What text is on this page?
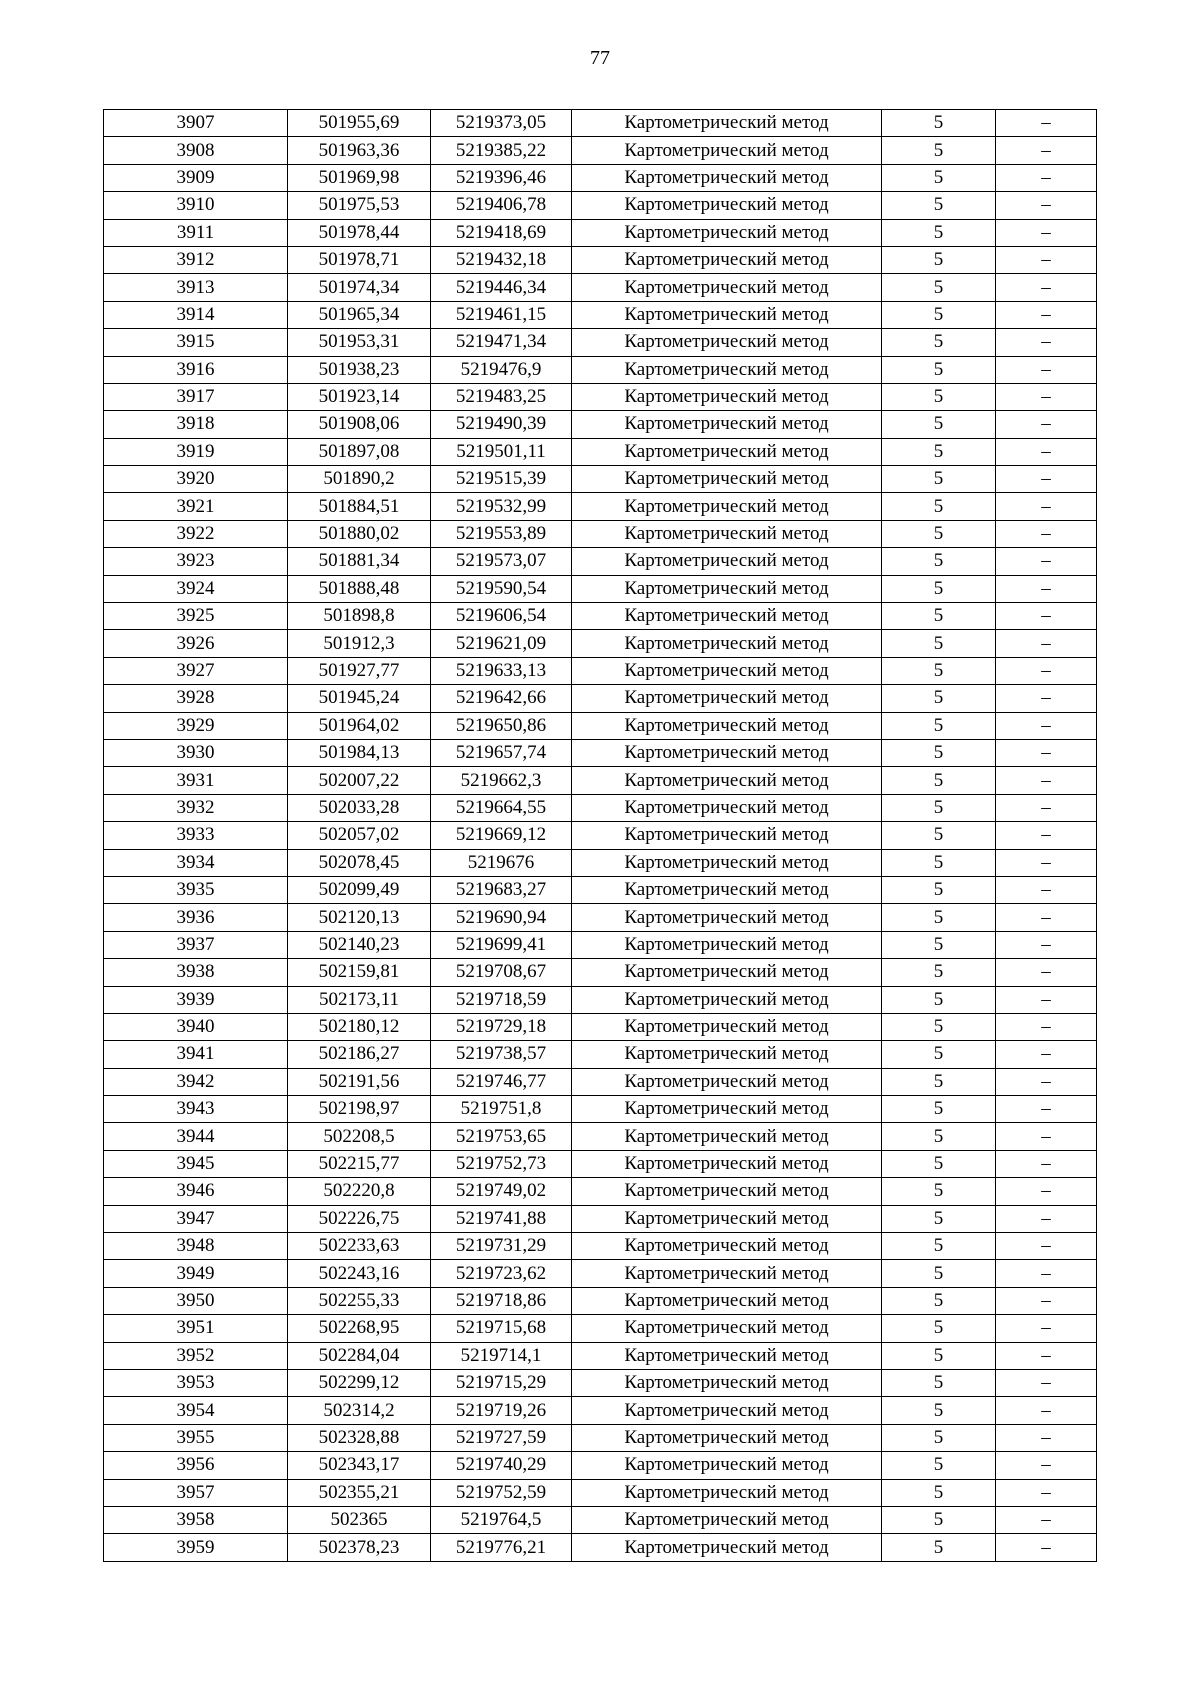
77
3907	501955,69	5219373,05	Картометрический метод	5	–
3908	501963,36	5219385,22	Картометрический метод	5	–
3909	501969,98	5219396,46	Картометрический метод	5	–
3910	501975,53	5219406,78	Картометрический метод	5	–
3911	501978,44	5219418,69	Картометрический метод	5	–
3912	501978,71	5219432,18	Картометрический метод	5	–
3913	501974,34	5219446,34	Картометрический метод	5	–
3914	501965,34	5219461,15	Картометрический метод	5	–
3915	501953,31	5219471,34	Картометрический метод	5	–
3916	501938,23	5219476,9	Картометрический метод	5	–
3917	501923,14	5219483,25	Картометрический метод	5	–
3918	501908,06	5219490,39	Картометрический метод	5	–
3919	501897,08	5219501,11	Картометрический метод	5	–
3920	501890,2	5219515,39	Картометрический метод	5	–
3921	501884,51	5219532,99	Картометрический метод	5	–
3922	501880,02	5219553,89	Картометрический метод	5	–
3923	501881,34	5219573,07	Картометрический метод	5	–
3924	501888,48	5219590,54	Картометрический метод	5	–
3925	501898,8	5219606,54	Картометрический метод	5	–
3926	501912,3	5219621,09	Картометрический метод	5	–
3927	501927,77	5219633,13	Картометрический метод	5	–
3928	501945,24	5219642,66	Картометрический метод	5	–
3929	501964,02	5219650,86	Картометрический метод	5	–
3930	501984,13	5219657,74	Картометрический метод	5	–
3931	502007,22	5219662,3	Картометрический метод	5	–
3932	502033,28	5219664,55	Картометрический метод	5	–
3933	502057,02	5219669,12	Картометрический метод	5	–
3934	502078,45	5219676	Картометрический метод	5	–
3935	502099,49	5219683,27	Картометрический метод	5	–
3936	502120,13	5219690,94	Картометрический метод	5	–
3937	502140,23	5219699,41	Картометрический метод	5	–
3938	502159,81	5219708,67	Картометрический метод	5	–
3939	502173,11	5219718,59	Картометрический метод	5	–
3940	502180,12	5219729,18	Картометрический метод	5	–
3941	502186,27	5219738,57	Картометрический метод	5	–
3942	502191,56	5219746,77	Картометрический метод	5	–
3943	502198,97	5219751,8	Картометрический метод	5	–
3944	502208,5	5219753,65	Картометрический метод	5	–
3945	502215,77	5219752,73	Картометрический метод	5	–
3946	502220,8	5219749,02	Картометрический метод	5	–
3947	502226,75	5219741,88	Картометрический метод	5	–
3948	502233,63	5219731,29	Картометрический метод	5	–
3949	502243,16	5219723,62	Картометрический метод	5	–
3950	502255,33	5219718,86	Картометрический метод	5	–
3951	502268,95	5219715,68	Картометрический метод	5	–
3952	502284,04	5219714,1	Картометрический метод	5	–
3953	502299,12	5219715,29	Картометрический метод	5	–
3954	502314,2	5219719,26	Картометрический метод	5	–
3955	502328,88	5219727,59	Картометрический метод	5	–
3956	502343,17	5219740,29	Картометрический метод	5	–
3957	502355,21	5219752,59	Картометрический метод	5	–
3958	502365	5219764,5	Картометрический метод	5	–
3959	502378,23	5219776,21	Картометрический метод	5	–
